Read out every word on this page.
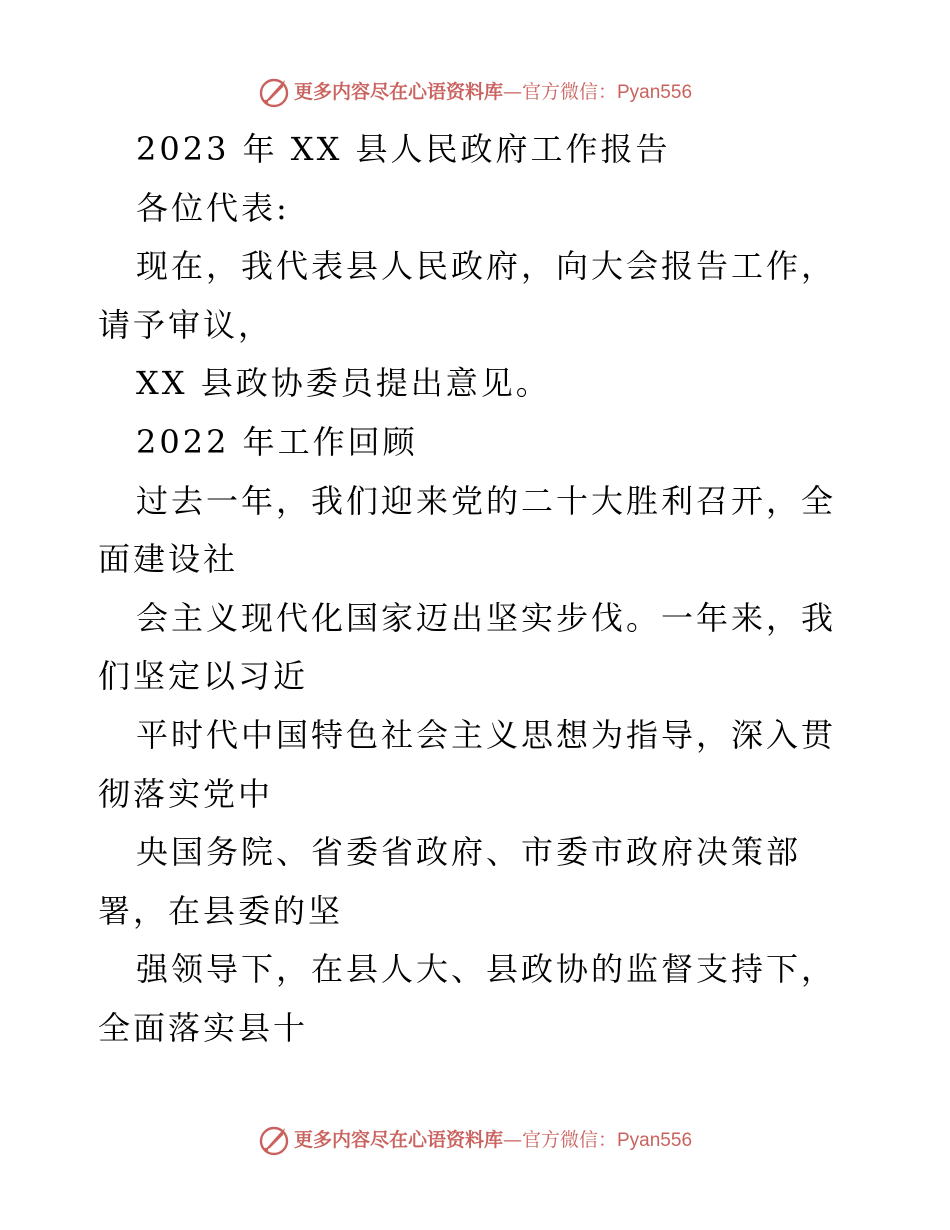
更多内容尽在心语资料库 — 官方微信： Pyan556

2023 年 XX 县人民政府工作报告

各位代表:

现在，我代表县人民政府，向大会报告工作，请予审议，

XX 县政协委员提出意见。

2022 年工作回顾

过去一年，我们迎来党的二十大胜利召开，全面建设社

会主义现代化国家迈出坚实步伐。一年来，我们坚定以习近

平时代中国特色社会主义思想为指导，深入贯彻落实党中

央国务院、省委省政府、市委市政府决策部署，在县委的坚

强领导下，在县人大、县政协的监督支持下，全面落实县十

更多内容尽在心语资料库 — 官方微信： Pyan556
